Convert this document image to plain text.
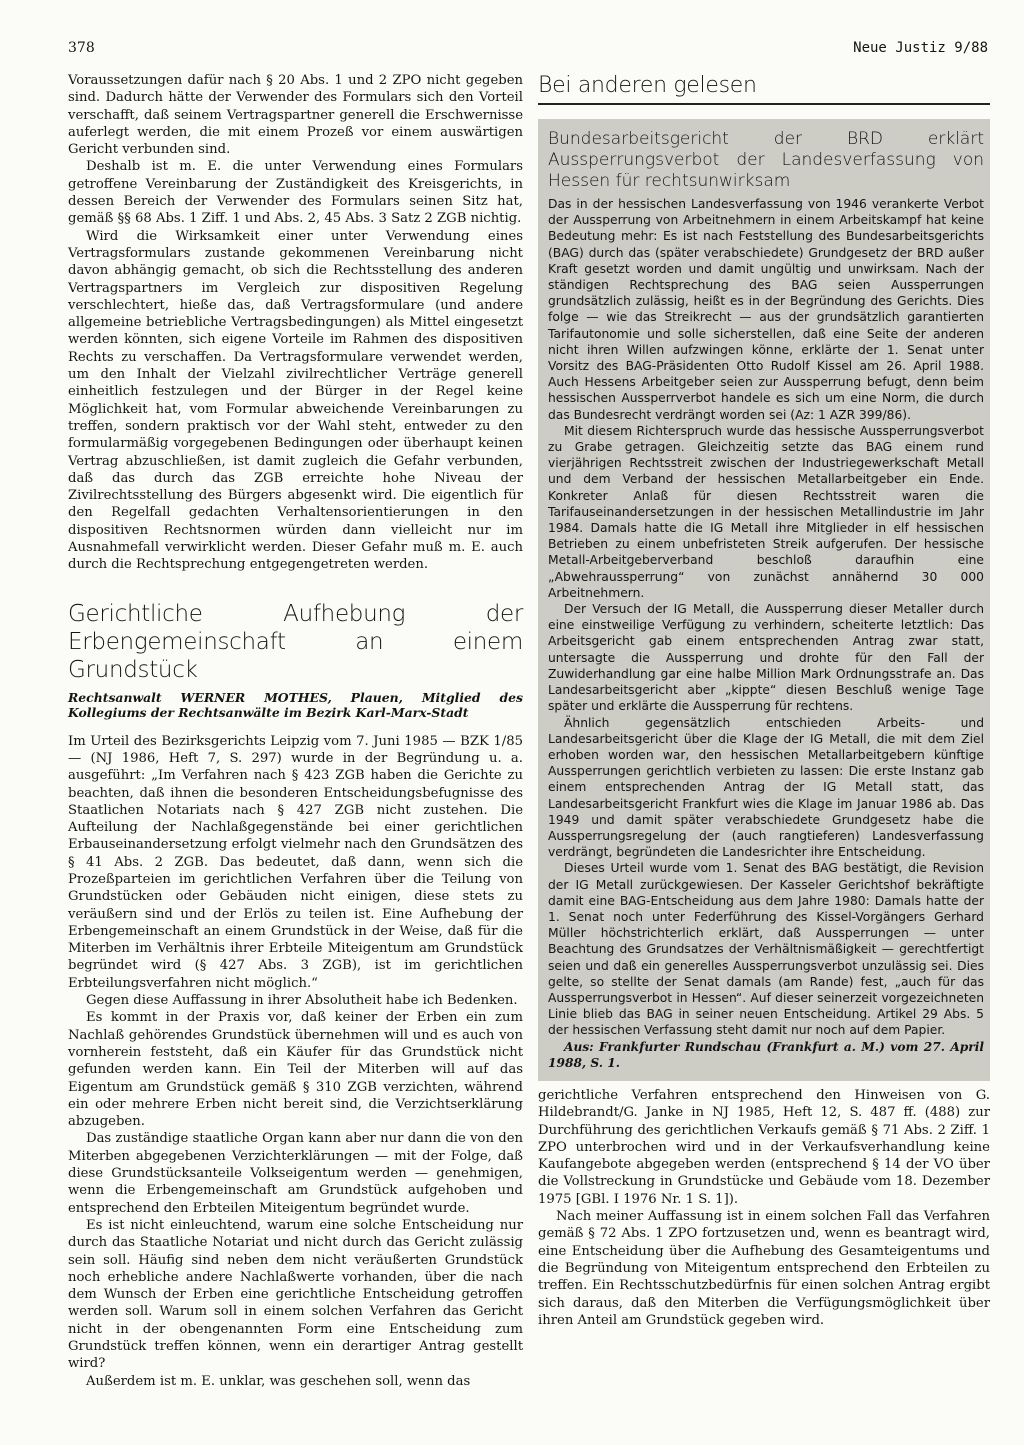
378	Neue Justiz 9/88

Voraussetzungen dafür nach § 20 Abs. 1 und 2 ZPO nicht gegeben sind. Dadurch hätte der Verwender des Formulars sich den Vorteil verschafft, daß seinem Vertragspartner generell die Erschwernisse auferlegt werden, die mit einem Prozeß vor einem auswärtigen Gericht verbunden sind.

Deshalb ist m. E. die unter Verwendung eines Formulars getroffene Vereinbarung der Zuständigkeit des Kreisgerichts, in dessen Bereich der Verwender des Formulars seinen Sitz hat, gemäß §§ 68 Abs. 1 Ziff. 1 und Abs. 2, 45 Abs. 3 Satz 2 ZGB nichtig.

Wird die Wirksamkeit einer unter Verwendung eines Vertragsformulars zustande gekommenen Vereinbarung nicht davon abhängig gemacht, ob sich die Rechtsstellung des anderen Vertragspartners im Vergleich zur dispositiven Regelung verschlechtert, hieße das, daß Vertragsformulare (und andere allgemeine betriebliche Vertragsbedingungen) als Mittel eingesetzt werden könnten, sich eigene Vorteile im Rahmen des dispositiven Rechts zu verschaffen. Da Vertragsformulare verwendet werden, um den Inhalt der Vielzahl zivilrechtlicher Verträge generell einheitlich festzulegen und der Bürger in der Regel keine Möglichkeit hat, vom Formular abweichende Vereinbarungen zu treffen, sondern praktisch vor der Wahl steht, entweder zu den formularmäßig vorgegebenen Bedingungen oder überhaupt keinen Vertrag abzuschließen, ist damit zugleich die Gefahr verbunden, daß das durch das ZGB erreichte hohe Niveau der Zivilrechtsstellung des Bürgers abgesenkt wird. Die eigentlich für den Regelfall gedachten Verhaltensorientierungen in den dispositiven Rechtsnormen würden dann vielleicht nur im Ausnahmefall verwirklicht werden. Dieser Gefahr muß m. E. auch durch die Rechtsprechung entgegengetreten werden.

Gerichtliche Aufhebung der Erbengemeinschaft an einem Grundstück
Rechtsanwalt WERNER MOTHES, Plauen, Mitglied des Kollegiums der Rechtsanwälte im Bezirk Karl-Marx-Stadt

Im Urteil des Bezirksgerichts Leipzig vom 7. Juni 1985 — BZK 1/85 — (NJ 1986, Heft 7, S. 297) wurde in der Begründung u. a. ausgeführt: „Im Verfahren nach § 423 ZGB haben die Gerichte zu beachten, daß ihnen die besonderen Entscheidungsbefugnisse des Staatlichen Notariats nach § 427 ZGB nicht zustehen. Die Aufteilung der Nachlaßgegenstände bei einer gerichtlichen Erbauseinandersetzung erfolgt vielmehr nach den Grundsätzen des § 41 Abs. 2 ZGB. Das bedeutet, daß dann, wenn sich die Prozeßparteien im gerichtlichen Verfahren über die Teilung von Grundstücken oder Gebäuden nicht einigen, diese stets zu veräußern sind und der Erlös zu teilen ist. Eine Aufhebung der Erbengemeinschaft an einem Grundstück in der Weise, daß für die Miterben im Verhältnis ihrer Erbteile Miteigentum am Grundstück begründet wird (§ 427 Abs. 3 ZGB), ist im gerichtlichen Erbteilungsverfahren nicht möglich.“

Gegen diese Auffassung in ihrer Absolutheit habe ich Bedenken.

Es kommt in der Praxis vor, daß keiner der Erben ein zum Nachlaß gehörendes Grundstück übernehmen will und es auch von vornherein feststeht, daß ein Käufer für das Grundstück nicht gefunden werden kann. Ein Teil der Miterben will auf das Eigentum am Grundstück gemäß § 310 ZGB verzichten, während ein oder mehrere Erben nicht bereit sind, die Verzichtserklärung abzugeben.

Das zuständige staatliche Organ kann aber nur dann die von den Miterben abgegebenen Verzichterklärungen — mit der Folge, daß diese Grundstücksanteile Volkseigentum werden — genehmigen, wenn die Erbengemeinschaft am Grundstück aufgehoben und entsprechend den Erbteilen Miteigentum begründet wurde.

Es ist nicht einleuchtend, warum eine solche Entscheidung nur durch das Staatliche Notariat und nicht durch das Gericht zulässig sein soll. Häufig sind neben dem nicht veräußerten Grundstück noch erhebliche andere Nachlaßwerte vorhanden, über die nach dem Wunsch der Erben eine gerichtliche Entscheidung getroffen werden soll. Warum soll in einem solchen Verfahren das Gericht nicht in der obengenannten Form eine Entscheidung zum Grundstück treffen können, wenn ein derartiger Antrag gestellt wird?

Außerdem ist m. E. unklar, was geschehen soll, wenn das

Bei anderen gelesen
Bundesarbeitsgericht der BRD erklärt Aussperrungsverbot der Landesverfassung von Hessen für rechtsunwirksam

Das in der hessischen Landesverfassung von 1946 verankerte Verbot der Aussperrung von Arbeitnehmern in einem Arbeitskampf hat keine Bedeutung mehr: Es ist nach Feststellung des Bundesarbeitsgerichts (BAG) durch das (später verabschiedete) Grundgesetz der BRD außer Kraft gesetzt worden und damit ungültig und unwirksam. Nach der ständigen Rechtsprechung des BAG seien Aussperrungen grundsätzlich zulässig, heißt es in der Begründung des Gerichts. Dies folge — wie das Streikrecht — aus der grundsätzlich garantierten Tarifautonomie und solle sicherstellen, daß eine Seite der anderen nicht ihren Willen aufzwingen könne, erklärte der 1. Senat unter Vorsitz des BAG-Präsidenten Otto Rudolf Kissel am 26. April 1988. Auch Hessens Arbeitgeber seien zur Aussperrung befugt, denn beim hessischen Aussperrverbot handele es sich um eine Norm, die durch das Bundesrecht verdrängt worden sei (Az: 1 AZR 399/86).

Mit diesem Richterspruch wurde das hessische Aussperrungsverbot zu Grabe getragen. Gleichzeitig setzte das BAG einem rund vierjährigen Rechtsstreit zwischen der Industriegewerkschaft Metall und dem Verband der hessischen Metallarbeitgeber ein Ende. Konkreter Anlaß für diesen Rechtsstreit waren die Tarifauseinandersetzungen in der hessischen Metallindustrie im Jahr 1984. Damals hatte die IG Metall ihre Mitglieder in elf hessischen Betrieben zu einem unbefristeten Streik aufgerufen. Der hessische Metall-Arbeitgeberverband beschloß daraufhin eine „Abwehraussperrung“ von zunächst annähernd 30 000 Arbeitnehmern.

Der Versuch der IG Metall, die Aussperrung dieser Metaller durch eine einstweilige Verfügung zu verhindern, scheiterte letztlich: Das Arbeitsgericht gab einem entsprechenden Antrag zwar statt, untersagte die Aussperrung und drohte für den Fall der Zuwiderhandlung gar eine halbe Million Mark Ordnungsstrafe an. Das Landesarbeitsgericht aber „kippte“ diesen Beschluß wenige Tage später und erklärte die Aussperrung für rechtens.

Ähnlich gegensätzlich entschieden Arbeits- und Landesarbeitsgericht über die Klage der IG Metall, die mit dem Ziel erhoben worden war, den hessischen Metallarbeitgebern künftige Aussperrungen gerichtlich verbieten zu lassen: Die erste Instanz gab einem entsprechenden Antrag der IG Metall statt, das Landesarbeitsgericht Frankfurt wies die Klage im Januar 1986 ab. Das 1949 und damit später verabschiedete Grundgesetz habe die Aussperrungsregelung der (auch rangtieferen) Landesverfassung verdrängt, begründeten die Landesrichter ihre Entscheidung.

Dieses Urteil wurde vom 1. Senat des BAG bestätigt, die Revision der IG Metall zurückgewiesen. Der Kasseler Gerichtshof bekräftigte damit eine BAG-Entscheidung aus dem Jahre 1980: Damals hatte der 1. Senat noch unter Federführung des Kissel-Vorgängers Gerhard Müller höchstrichterlich erklärt, daß Aussperrungen — unter Beachtung des Grundsatzes der Verhältnismäßigkeit — gerechtfertigt seien und daß ein generelles Aussperrungsverbot unzulässig sei. Dies gelte, so stellte der Senat damals (am Rande) fest, „auch für das Aussperrungsverbot in Hessen“. Auf dieser seinerzeit vorgezeichneten Linie blieb das BAG in seiner neuen Entscheidung. Artikel 29 Abs. 5 der hessischen Verfassung steht damit nur noch auf dem Papier.

Aus: Frankfurter Rundschau (Frankfurt a. M.) vom 27. April 1988, S. 1.

gerichtliche Verfahren entsprechend den Hinweisen von G. Hildebrandt/G. Janke in NJ 1985, Heft 12, S. 487 ff. (488) zur Durchführung des gerichtlichen Verkaufs gemäß § 71 Abs. 2 Ziff. 1 ZPO unterbrochen wird und in der Verkaufsverhandlung keine Kaufangebote abgegeben werden (entsprechend § 14 der VO über die Vollstreckung in Grundstücke und Gebäude vom 18. Dezember 1975 [GBl. I 1976 Nr. 1 S. 1]).

Nach meiner Auffassung ist in einem solchen Fall das Verfahren gemäß § 72 Abs. 1 ZPO fortzusetzen und, wenn es beantragt wird, eine Entscheidung über die Aufhebung des Gesamteigentums und die Begründung von Miteigentum entsprechend den Erbteilen zu treffen. Ein Rechtsschutzbedürfnis für einen solchen Antrag ergibt sich daraus, daß den Miterben die Verfügungsmöglichkeit über ihren Anteil am Grundstück gegeben wird.
